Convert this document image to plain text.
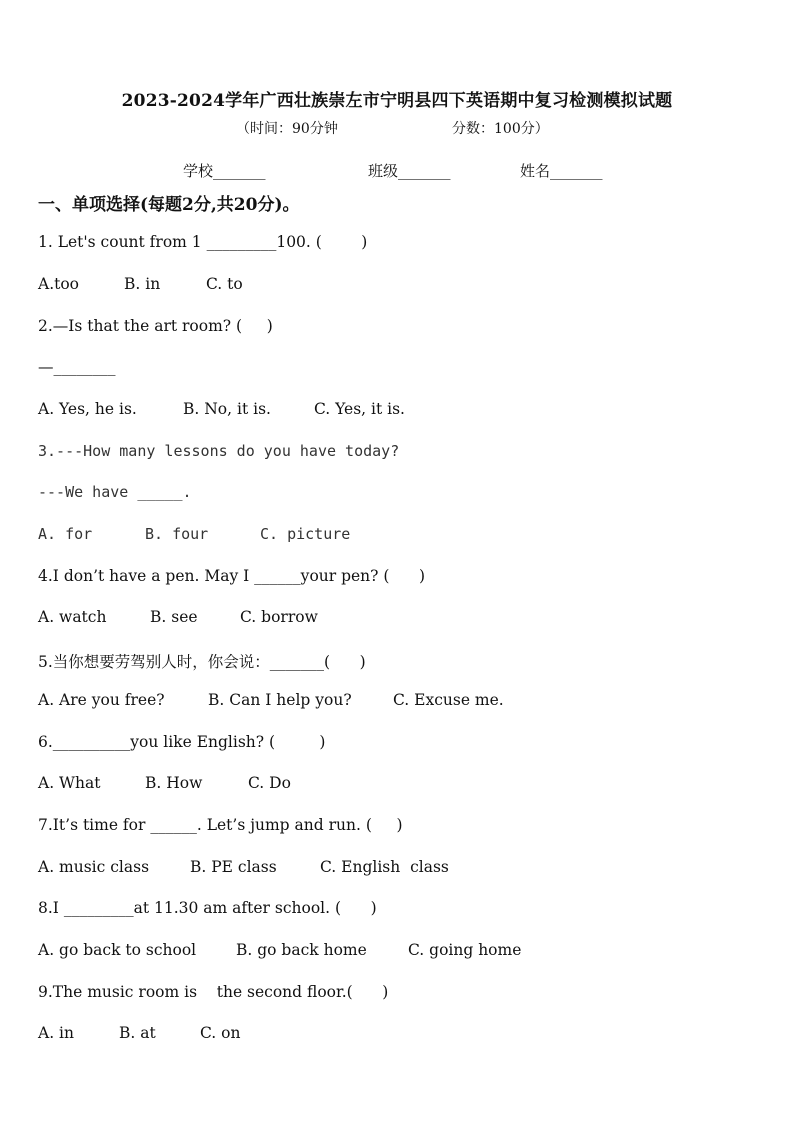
2023-2024学年广西壮族崇左市宁明县四下英语期中复习检测模拟试题
（时间：90分钟	分数：100分）
学校_______	班级_______	姓名_______
一、单项选择(每题2分,共20分)。
1. Let's count from 1 _________100. (        )
A.too	B. in	C. to
2.—Is that the art room? (     )
—________
A. Yes, he is.	B. No, it is.	C. Yes, it is.
3.---How many lessons do you have today?
---We have _____.
A. for	B. four	C. picture
4.I don’t have a pen. May I ______your pen? (      )
A. watch	B. see	C. borrow
5.当你想要劳驾别人时，你会说：_______(      )
A. Are you free?	B. Can I help you?	C. Excuse me.
6.__________you like English? (         )
A. What	B. How	C. Do
7.It’s time for ______. Let’s jump and run. (     )
A. music class	B. PE class	C. English  class
8.I _________at 11.30 am after school. (      )
A. go back to school	B. go back home	C. going home
9.The music room is    the second floor.(      )
A. in	B. at	C. on
